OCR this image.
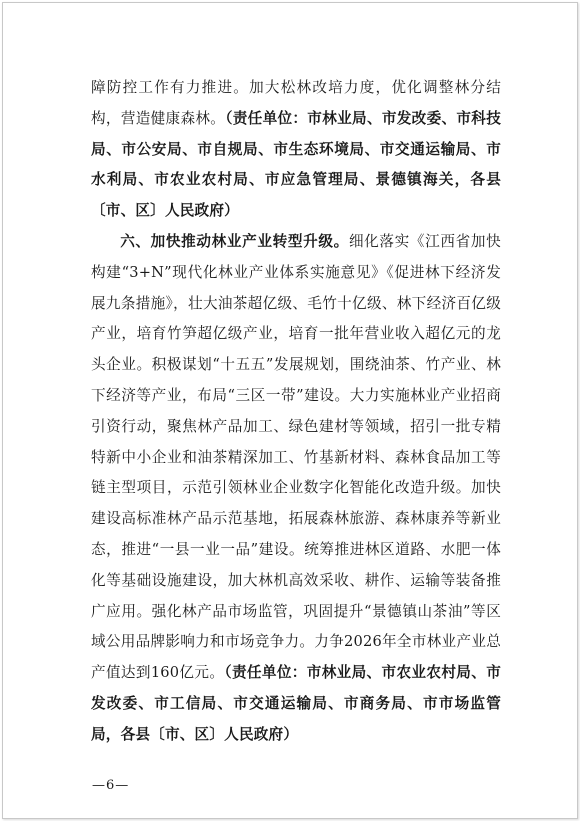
障防控工作有力推进。加大松林改培力度，优化调整林分结构，营造健康森林。（责任单位：市林业局、市发改委、市科技局、市公安局、市自规局、市生态环境局、市交通运输局、市水利局、市农业农村局、市应急管理局、景德镇海关，各县〔市、区〕人民政府）

六、加快推动林业产业转型升级。细化落实《江西省加快构建“3+N”现代化林业产业体系实施意见》《促进林下经济发展九条措施》，壮大油茶超亿级、毛竹十亿级、林下经济百亿级产业，培育竹笋超亿级产业，培育一批年营业收入超亿元的龙头企业。积极谋划“十五五”发展规划，围绕油茶、竹产业、林下经济等产业，布局“三区一带”建设。大力实施林业产业招商引资行动，聚焦林产品加工、绿色建材等领域，招引一批专精特新中小企业和油茶精深加工、竹基新材料、森林食品加工等链主型项目，示范引领林业企业数字化智能化改造升级。加快建设高标准林产品示范基地，拓展森林旅游、森林康养等新业态，推进“一县一业一品”建设。统筹推进林区道路、水肥一体化等基础设施建设，加大林机高效采收、耕作、运输等装备推广应用。强化林产品市场监管，巩固提升“景德镇山茶油”等区域公用品牌影响力和市场竞争力。力争2026年全市林业产业总产值达到160亿元。（责任单位：市林业局、市农业农村局、市发改委、市工信局、市交通运输局、市商务局、市市场监管局，各县〔市、区〕人民政府）

—6—
